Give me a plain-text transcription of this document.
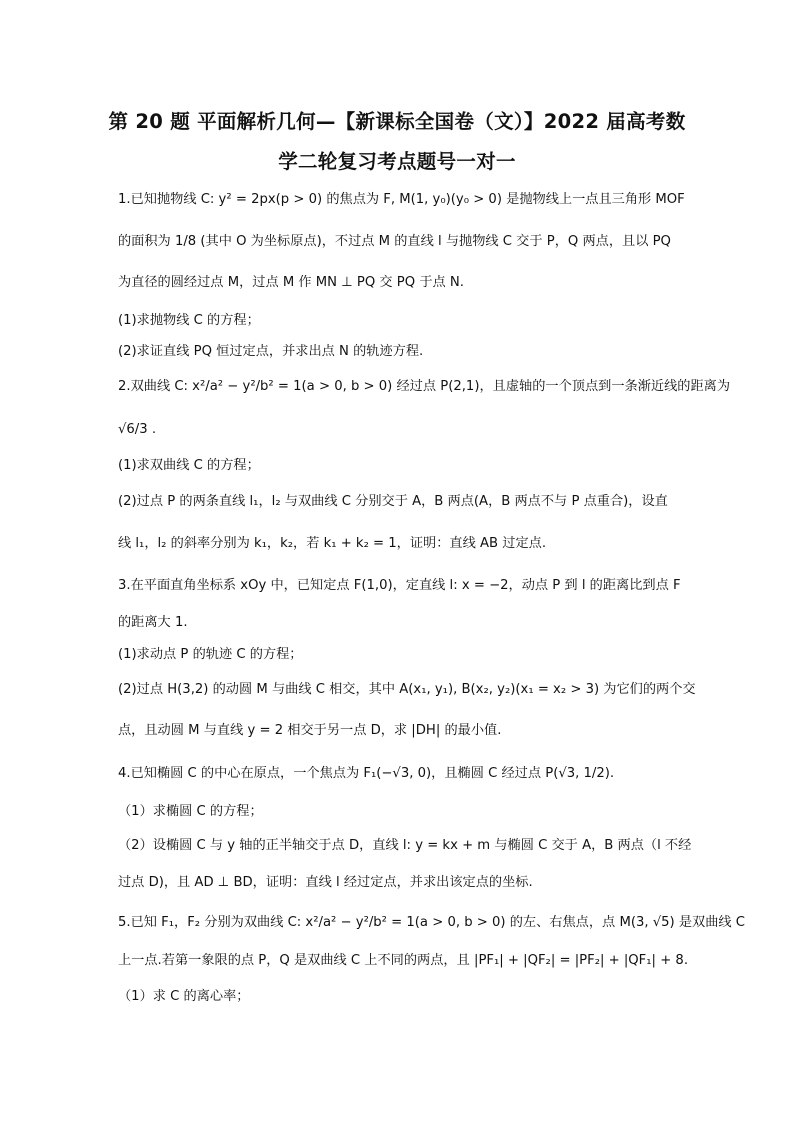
第 20 题 平面解析几何—【新课标全国卷（文）】2022 届高考数
学二轮复习考点题号一对一
1.已知抛物线 C: y² = 2px(p > 0) 的焦点为 F, M(1, y₀)(y₀ > 0) 是抛物线上一点且三角形 MOF
的面积为 1/8 (其中 O 为坐标原点)，不过点 M 的直线 l 与抛物线 C 交于 P，Q 两点，且以 PQ
为直径的圆经过点 M，过点 M 作 MN ⊥ PQ 交 PQ 于点 N.
(1)求抛物线 C 的方程；
(2)求证直线 PQ 恒过定点，并求出点 N 的轨迹方程.
2.双曲线 C: x²/a² − y²/b² = 1(a > 0, b > 0) 经过点 P(2,1)，且虚轴的一个顶点到一条渐近线的距离为
√6/3 .
(1)求双曲线 C 的方程；
(2)过点 P 的两条直线 l₁，l₂ 与双曲线 C 分别交于 A，B 两点(A，B 两点不与 P 点重合)，设直
线 l₁，l₂ 的斜率分别为 k₁，k₂，若 k₁ + k₂ = 1，证明：直线 AB 过定点.
3.在平面直角坐标系 xOy 中，已知定点 F(1,0)，定直线 l: x = −2，动点 P 到 l 的距离比到点 F
的距离大 1.
(1)求动点 P 的轨迹 C 的方程；
(2)过点 H(3,2) 的动圆 M 与曲线 C 相交，其中 A(x₁, y₁), B(x₂, y₂)(x₁ = x₂ > 3) 为它们的两个交
点，且动圆 M 与直线 y = 2 相交于另一点 D，求 |DH| 的最小值.
4.已知椭圆 C 的中心在原点，一个焦点为 F₁(−√3, 0)，且椭圆 C 经过点 P(√3, 1/2).
（1）求椭圆 C 的方程；
（2）设椭圆 C 与 y 轴的正半轴交于点 D，直线 l: y = kx + m 与椭圆 C 交于 A，B 两点（l 不经
过点 D)，且 AD ⊥ BD，证明：直线 l 经过定点，并求出该定点的坐标.
5.已知 F₁，F₂ 分别为双曲线 C: x²/a² − y²/b² = 1(a > 0, b > 0) 的左、右焦点，点 M(3, √5) 是双曲线 C
上一点.若第一象限的点 P，Q 是双曲线 C 上不同的两点，且 |PF₁| + |QF₂| = |PF₂| + |QF₁| + 8.
（1）求 C 的离心率；
